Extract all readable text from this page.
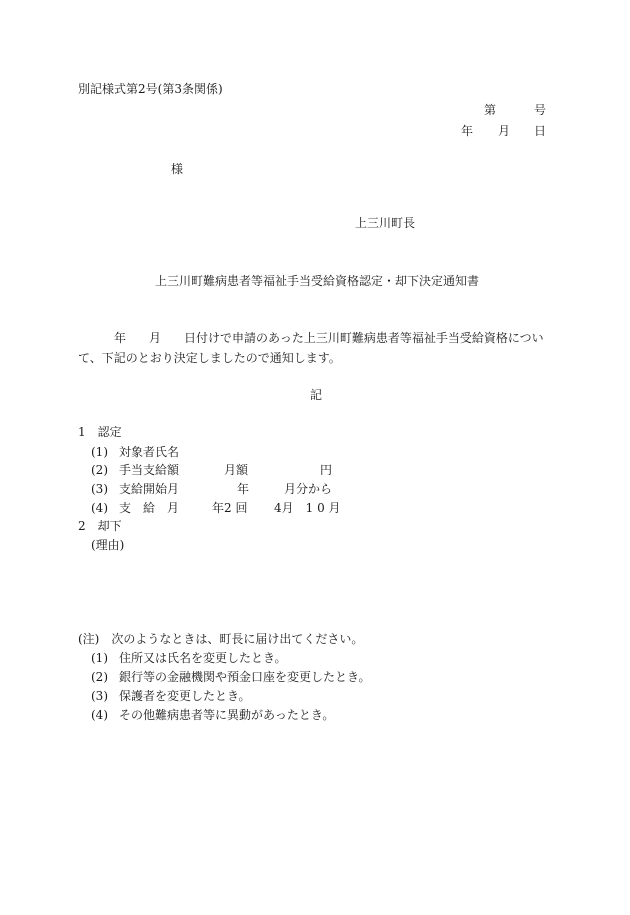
別記様式第2号(第3条関係)
第	号
年 月 日
様
上三川町長
上三川町難病患者等福祉手当受給資格認定・却下決定通知書
年 月 日付けで申請のあった上三川町難病患者等福祉手当受給資格につい
て、下記のとおり決定しましたので通知します。
記
1　認定
(1) 対象者氏名
(2) 手当支給額	月額	円
(3) 支給開始月	年	月分から
(4) 支　給　月	年2 回 4月　1 0 月
2　却下
(理由)
(注)　次のようなときは、町長に届け出てください。
(1) 住所又は氏名を変更したとき。
(2) 銀行等の金融機関や預金口座を変更したとき。
(3) 保護者を変更したとき。
(4) その他難病患者等に異動があったとき。
